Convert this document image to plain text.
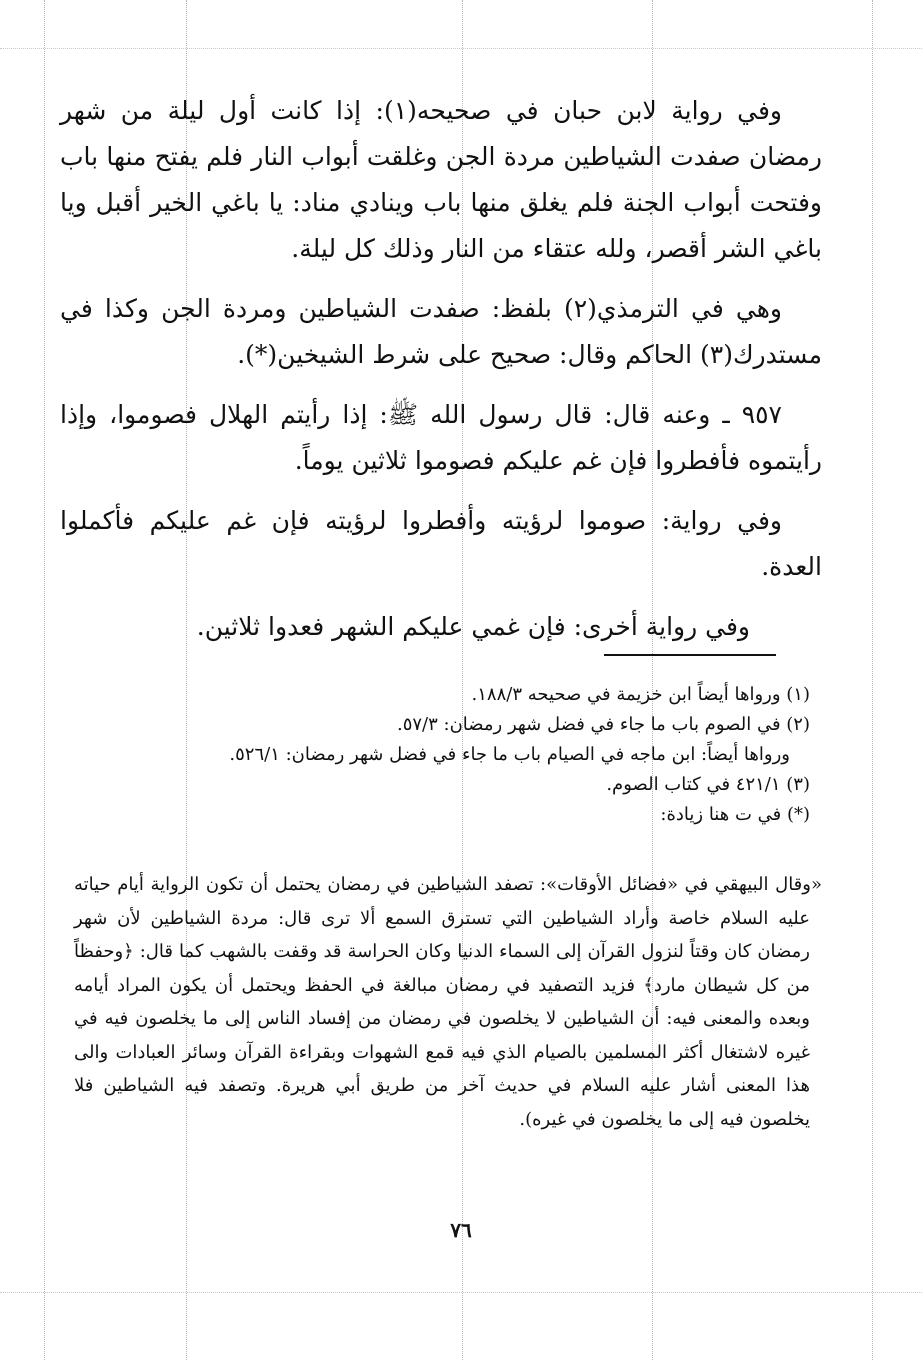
وفي رواية لابن حبان في صحيحه(١): إذا كانت أول ليلة من شهر رمضان صفدت الشياطين مردة الجن وغلقت أبواب النار فلم يفتح منها باب وفتحت أبواب الجنة فلم يغلق منها باب وينادي مناد: يا باغي الخير أقبل ويا باغي الشر أقصر، ولله عتقاء من النار وذلك كل ليلة.

وهي في الترمذي(٢) بلفظ: صفدت الشياطين ومردة الجن وكذا في مستدرك(٣) الحاكم وقال: صحيح على شرط الشيخين(*).

٩٥٧ ـ وعنه قال: قال رسول الله ﷺ: إذا رأيتم الهلال فصوموا، وإذا رأيتموه فأفطروا فإن غم عليكم فصوموا ثلاثين يوماً.

وفي رواية: صوموا لرؤيته وأفطروا لرؤيته فإن غم عليكم فأكملوا العدة.

وفي رواية أخرى: فإن غمي عليكم الشهر فعدوا ثلاثين.

(١) ورواها أيضاً ابن خزيمة في صحيحه ١٨٨/٣.

(٢) في الصوم باب ما جاء في فضل شهر رمضان: ٥٧/٣.

ورواها أيضاً: ابن ماجه في الصيام باب ما جاء في فضل شهر رمضان: ٥٢٦/١.

(٣) ٤٢١/١ في كتاب الصوم.

(*) في ت هنا زيادة:

«وقال البيهقي في «فضائل الأوقات»: تصفد الشياطين في رمضان يحتمل أن تكون الرواية أيام حياته عليه السلام خاصة وأراد الشياطين التي تسترق السمع ألا ترى قال: مردة الشياطين لأن شهر رمضان كان وقتاً لنزول القرآن إلى السماء الدنيا وكان الحراسة قد وقفت بالشهب كما قال: ﴿وحفظاً من كل شيطان مارد﴾ فزيد التصفيد في رمضان مبالغة في الحفظ ويحتمل أن يكون المراد أيامه وبعده والمعنى فيه: أن الشياطين لا يخلصون في رمضان من إفساد الناس إلى ما يخلصون فيه في غيره لاشتغال أكثر المسلمين بالصيام الذي فيه قمع الشهوات وبقراءة القرآن وسائر العبادات والى هذا المعنى أشار عليه السلام في حديث آخر من طريق أبي هريرة. وتصفد فيه الشياطين فلا يخلصون فيه إلى ما يخلصون في غيره).

٧٦
